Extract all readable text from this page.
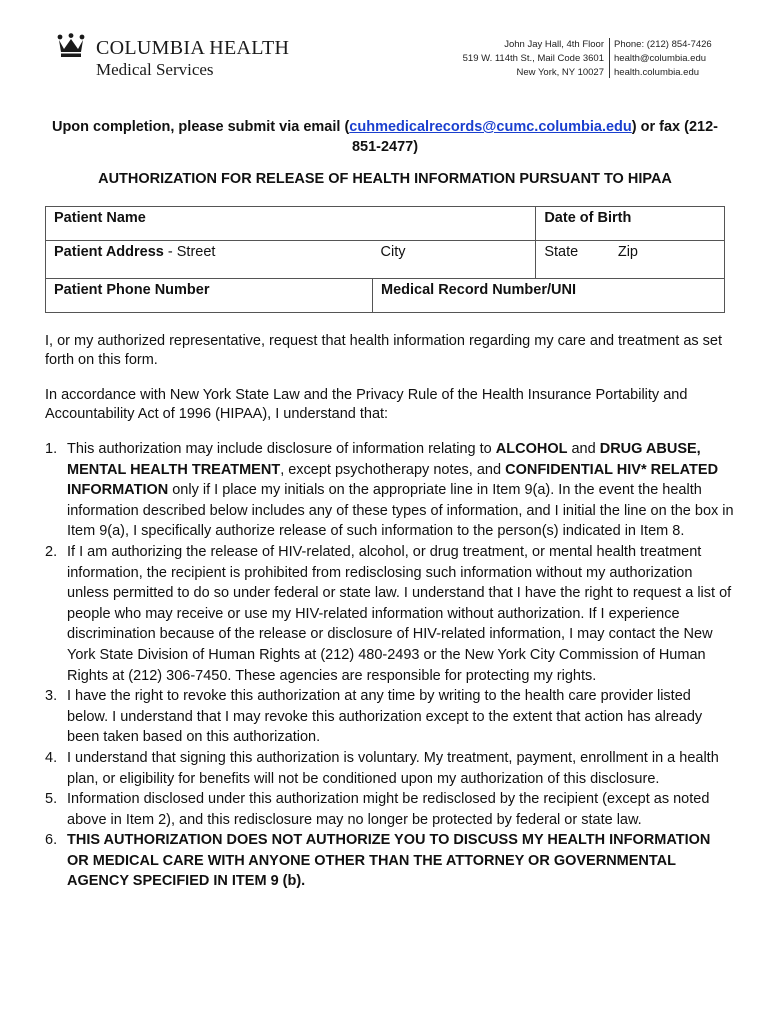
COLUMBIA HEALTH
Medical Services
John Jay Hall, 4th Floor
519 W. 114th St., Mail Code 3601
New York, NY 10027
Phone: (212) 854-7426
health@columbia.edu
health.columbia.edu
Upon completion, please submit via email (cuhmedicalrecords@cumc.columbia.edu) or fax (212-851-2477)
AUTHORIZATION FOR RELEASE OF HEALTH INFORMATION PURSUANT TO HIPAA
Patient Name		Date of Birth
Patient Address - Street	City	State Zip

Patient Phone Number	Medical Record Number/UNI	
I, or my authorized representative, request that health information regarding my care and treatment as set forth on this form.
In accordance with New York State Law and the Privacy Rule of the Health Insurance Portability and Accountability Act of 1996 (HIPAA), I understand that:
1. This authorization may include disclosure of information relating to ALCOHOL and DRUG ABUSE, MENTAL HEALTH TREATMENT, except psychotherapy notes, and CONFIDENTIAL HIV* RELATED INFORMATION only if I place my initials on the appropriate line in Item 9(a). In the event the health information described below includes any of these types of information, and I initial the line on the box in Item 9(a), I specifically authorize release of such information to the person(s) indicated in Item 8.
2. If I am authorizing the release of HIV-related, alcohol, or drug treatment, or mental health treatment information, the recipient is prohibited from redisclosing such information without my authorization unless permitted to do so under federal or state law. I understand that I have the right to request a list of people who may receive or use my HIV-related information without authorization. If I experience discrimination because of the release or disclosure of HIV-related information, I may contact the New York State Division of Human Rights at (212) 480-2493 or the New York City Commission of Human Rights at (212) 306-7450. These agencies are responsible for protecting my rights.
3. I have the right to revoke this authorization at any time by writing to the health care provider listed below. I understand that I may revoke this authorization except to the extent that action has already been taken based on this authorization.
4. I understand that signing this authorization is voluntary. My treatment, payment, enrollment in a health plan, or eligibility for benefits will not be conditioned upon my authorization of this disclosure.
5. Information disclosed under this authorization might be redisclosed by the recipient (except as noted above in Item 2), and this redisclosure may no longer be protected by federal or state law.
6. THIS AUTHORIZATION DOES NOT AUTHORIZE YOU TO DISCUSS MY HEALTH INFORMATION OR MEDICAL CARE WITH ANYONE OTHER THAN THE ATTORNEY OR GOVERNMENTAL AGENCY SPECIFIED IN ITEM 9 (b).
